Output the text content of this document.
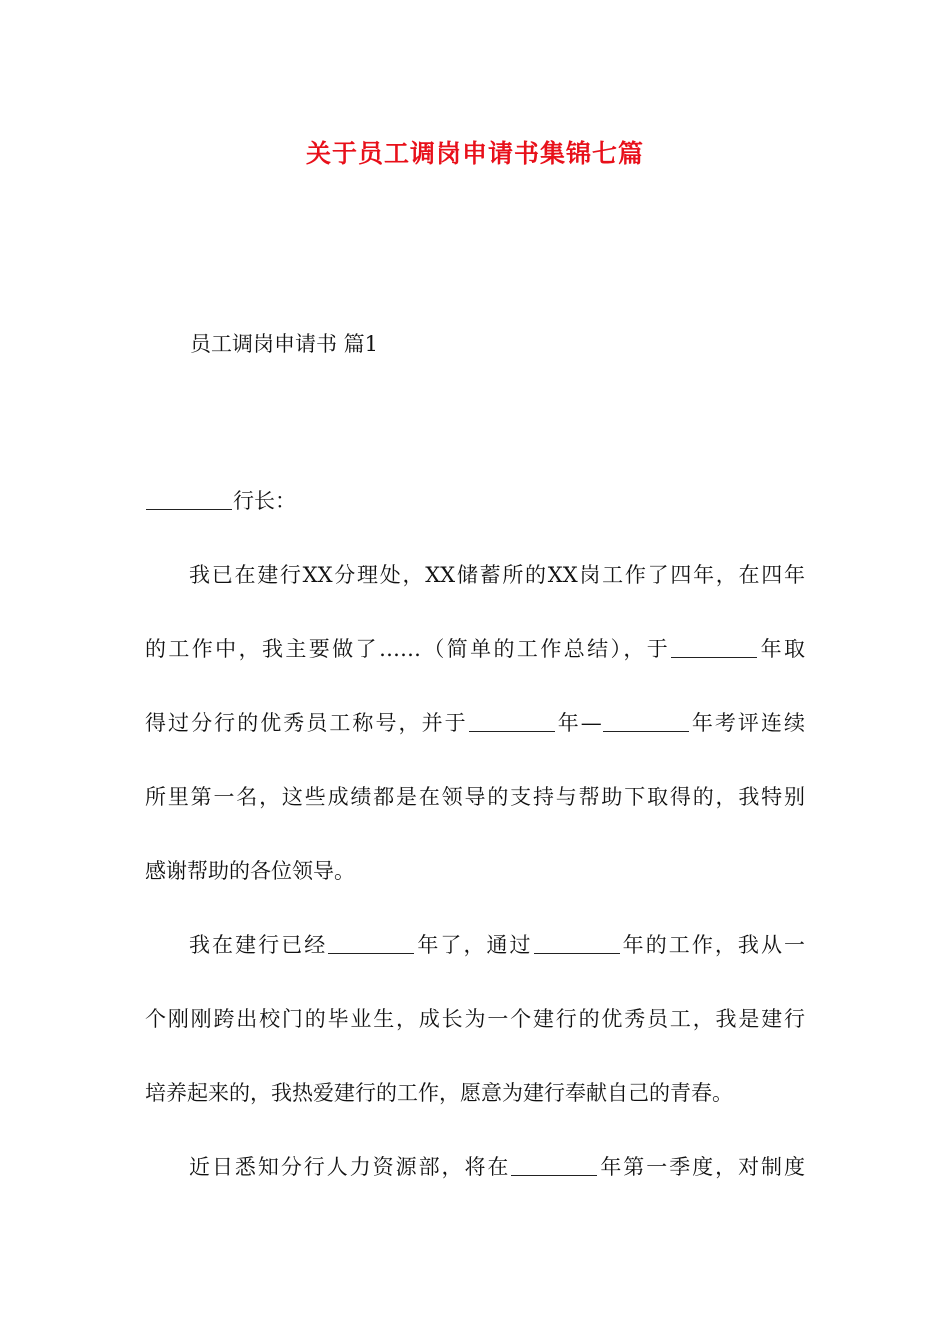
关于员工调岗申请书集锦七篇
员工调岗申请书 篇1

行长：

我已在建行XX分理处，XX储蓄所的XX岗工作了四年，在四年
的工作中，我主要做了……（简单的工作总结），于	年取
得过分行的优秀员工称号，并于	年—	年考评连续
所里第一名，这些成绩都是在领导的支持与帮助下取得的，我特别
感谢帮助的各位领导。

我在建行已经	年了，通过	年的工作，我从一
个刚刚跨出校门的毕业生，成长为一个建行的优秀员工，我是建行
培养起来的，我热爱建行的工作，愿意为建行奉献自己的青春。

近日悉知分行人力资源部，将在	年第一季度，对制度
